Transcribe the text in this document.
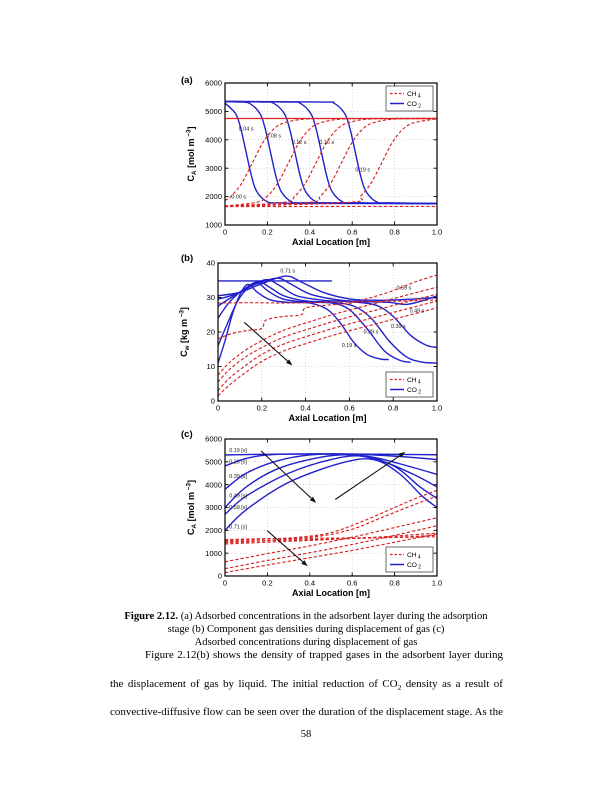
0.04 s
0.08 s
0.12 s 0.16 s
0.19 s
0.00 s
0	0.2	0.4	0.6	0.8	1.0
1000
2000
3000
4000
5000
6000
Axial Location [m]
$C_A$ [mol m $^{-3}$]
(a)
CH $_4$
CO $_2$
0.71 s
0.59 s
0.49 s
0.39 s
0.29 s
0.19 s
0	0.2	0.4	0.6	0.8	1.0
0
10
20
30
40
Axial Location [m]
$C_w$ [kg m $^{-3}$]
(b)
CH $_4$
CO $_2$
0.19 [s]
0.20 [s]
0.39 [s]
0.49 [s]
0.59 [s]
0.71 [s]
0	0.2	0.4	0.6	0.8	1.0
0
1000
2000
3000
4000
5000
6000
Axial Location [m]
$C_A$ [mol m $^{-3}$]
(c)
CH $_4$
CO $_2$
Figure 2.12. (a) Adsorbed concentrations in the adsorbent layer during the adsorption
stage (b) Component gas densities during displacement of gas (c)
Adsorbed concentrations during displacement of gas
Figure 2.12(b) shows the density of trapped gases in the adsorbent layer during
the displacement of gas by liquid. The initial reduction of $CO_2$ density as a result of
convective-diffusive flow can be seen over the duration of the displacement stage. As the
58
